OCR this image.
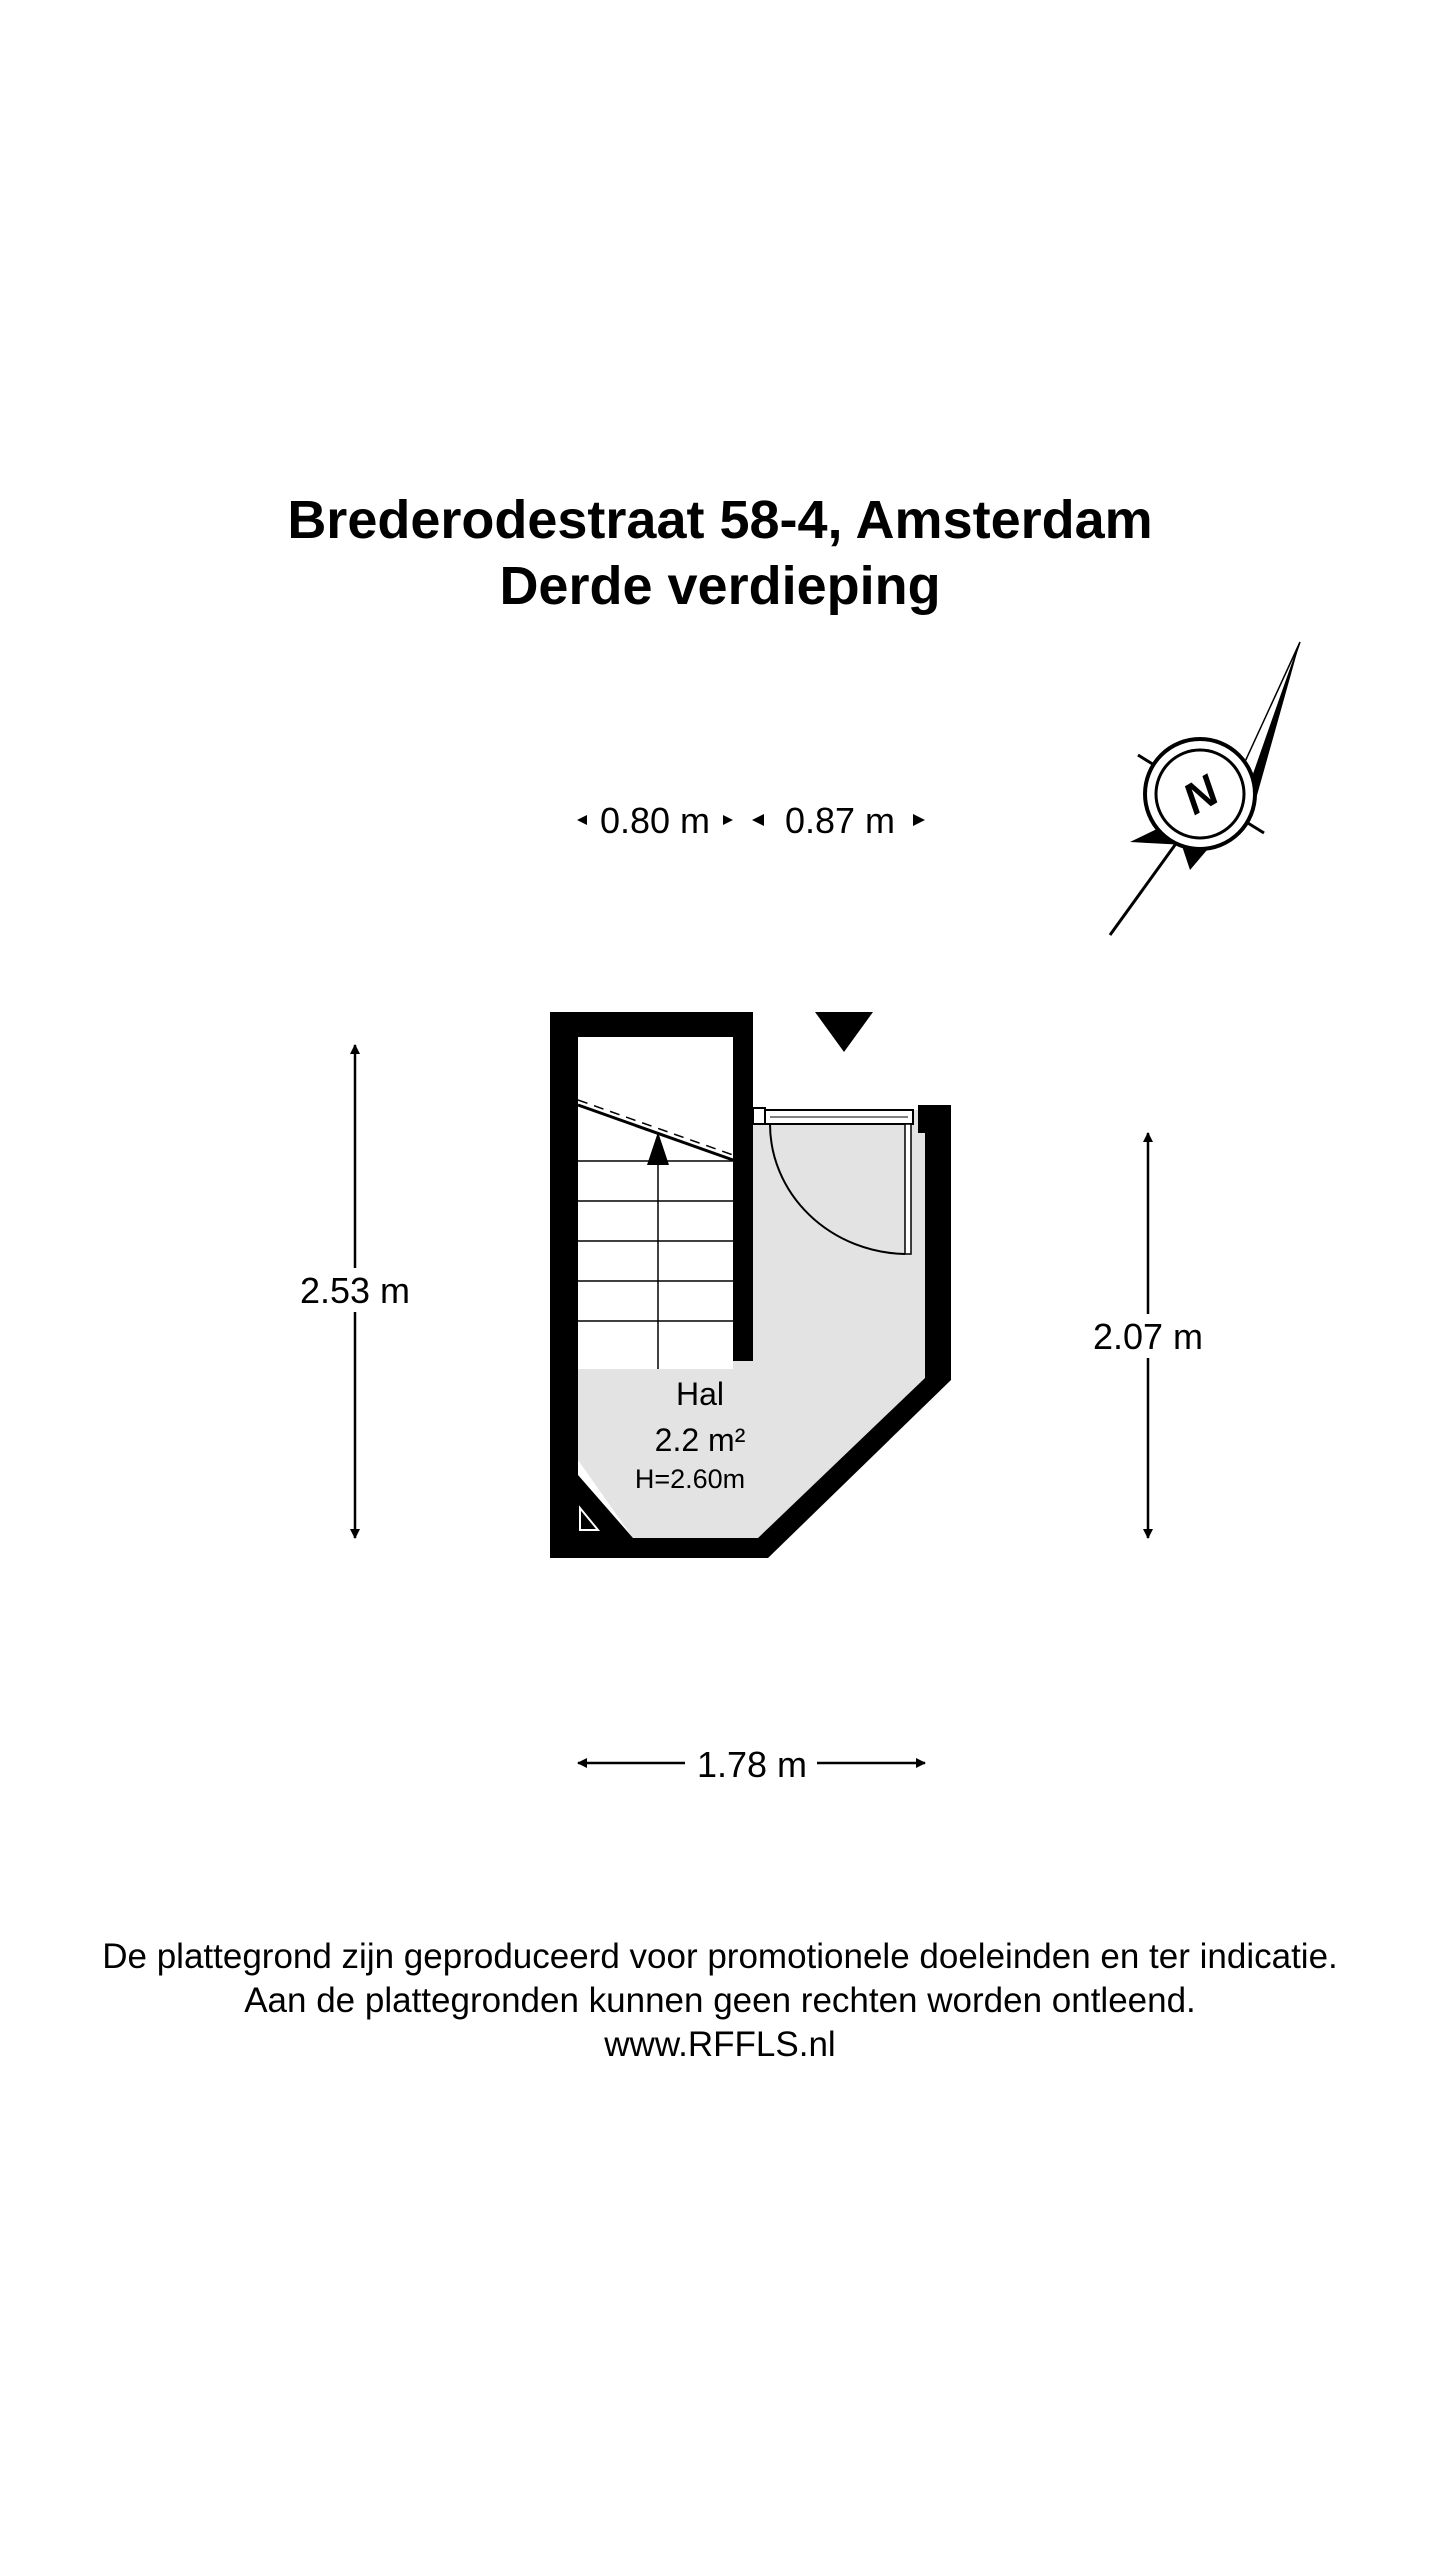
Brederodestraat 58-4, Amsterdam
Derde verdieping
N
0.80 m 0.87 m
2.53 m
2.07 m
1.78 m
Hal
2.2 m²
H=2.60m

De plattegrond zijn geproduceerd voor promotionele doeleinden en ter indicatie.

Aan de plattegronden kunnen geen rechten worden ontleend.

www.RFFLS.nl
